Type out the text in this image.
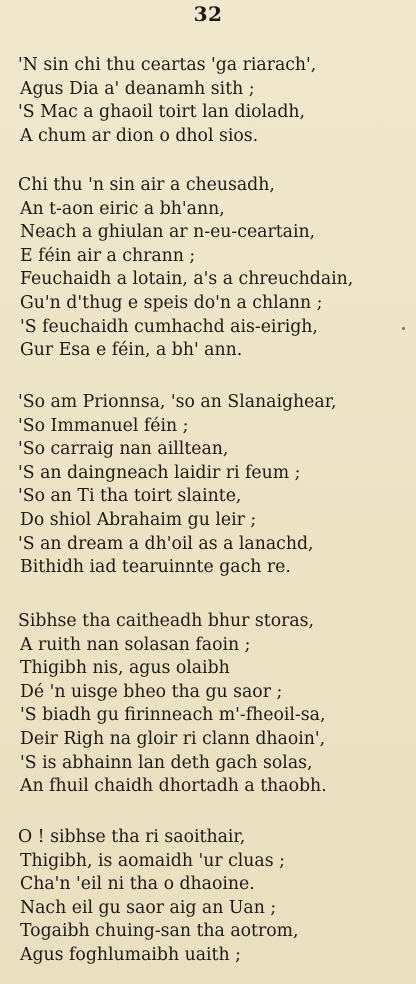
32
'N sin chi thu ceartas 'ga riarach',
Agus Dia a' deanamh sith ;
'S Mac a ghaoil toirt lan dioladh,
A chum ar dion o dhol sios.
Chi thu 'n sin air a cheusadh,
An t-aon eiric a bh'ann,
Neach a ghiulan ar n-eu-ceartain,
E féin air a chrann ;
Feuchaidh a lotain, a's a chreuchdain,
Gu'n d'thug e speis do'n a chlann ;
'S feuchaidh cumhachd ais-eirigh,
Gur Esa e féin, a bh' ann.
'So am Prionnsa, 'so an Slanaighear,
'So Immanuel féin ;
'So carraig nan ailltean,
'S an daingneach laidir ri feum ;
'So an Ti tha toirt slainte,
Do shiol Abrahaim gu leir ;
'S an dream a dh'oil as a lanachd,
Bithidh iad tearuinnte gach re.
Sibhse tha caitheadh bhur storas,
A ruith nan solasan faoin ;
Thigibh nis, agus olaibh
Dé 'n uisge bheo tha gu saor ;
'S biadh gu firinneach m'-fheoil-sa,
Deir Righ na gloir ri clann dhaoin',
'S is abhainn lan deth gach solas,
An fhuil chaidh dhortadh a thaobh.
O ! sibhse tha ri saoithair,
Thigibh, is aomaidh 'ur cluas ;
Cha'n 'eil ni tha o dhaoine.
Nach eil gu saor aig an Uan ;
Togaibh chuing-san tha aotrom,
Agus foghlumaibh uaith ;
